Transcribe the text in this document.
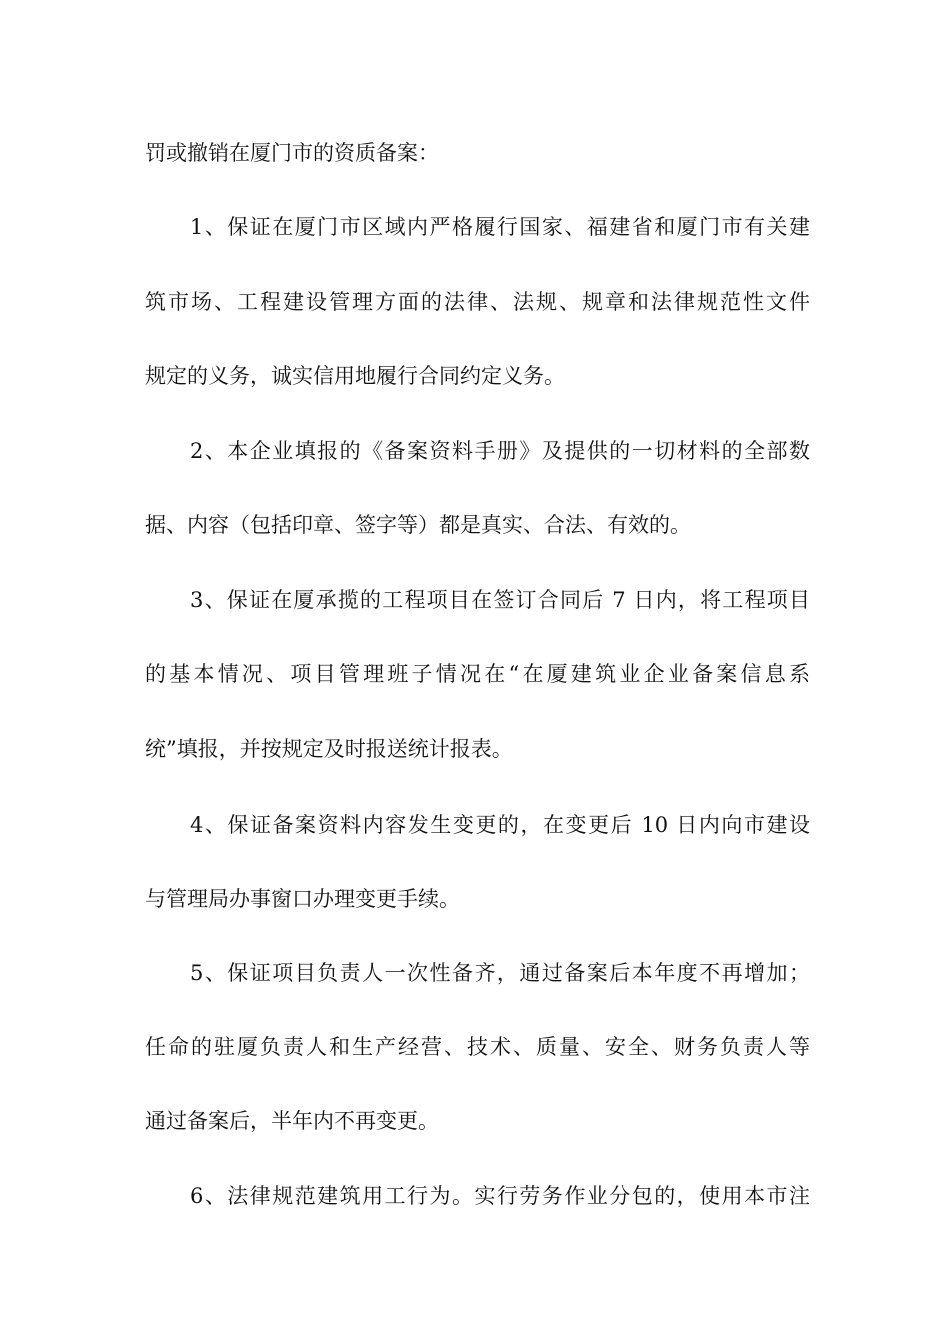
罚或撤销在厦门市的资质备案：
1、保证在厦门市区域内严格履行国家、福建省和厦门市有关建
筑市场、工程建设管理方面的法律、法规、规章和法律规范性文件
规定的义务，诚实信用地履行合同约定义务。
2、本企业填报的《备案资料手册》及提供的一切材料的全部数
据、内容（包括印章、签字等）都是真实、合法、有效的。
3、保证在厦承揽的工程项目在签订合同后 7 日内，将工程项目
的基本情况、项目管理班子情况在“在厦建筑业企业备案信息系
统”填报，并按规定及时报送统计报表。
4、保证备案资料内容发生变更的，在变更后 10 日内向市建设
与管理局办事窗口办理变更手续。
5、保证项目负责人一次性备齐，通过备案后本年度不再增加；
任命的驻厦负责人和生产经营、技术、质量、安全、财务负责人等
通过备案后，半年内不再变更。
6、法律规范建筑用工行为。实行劳务作业分包的，使用本市注
